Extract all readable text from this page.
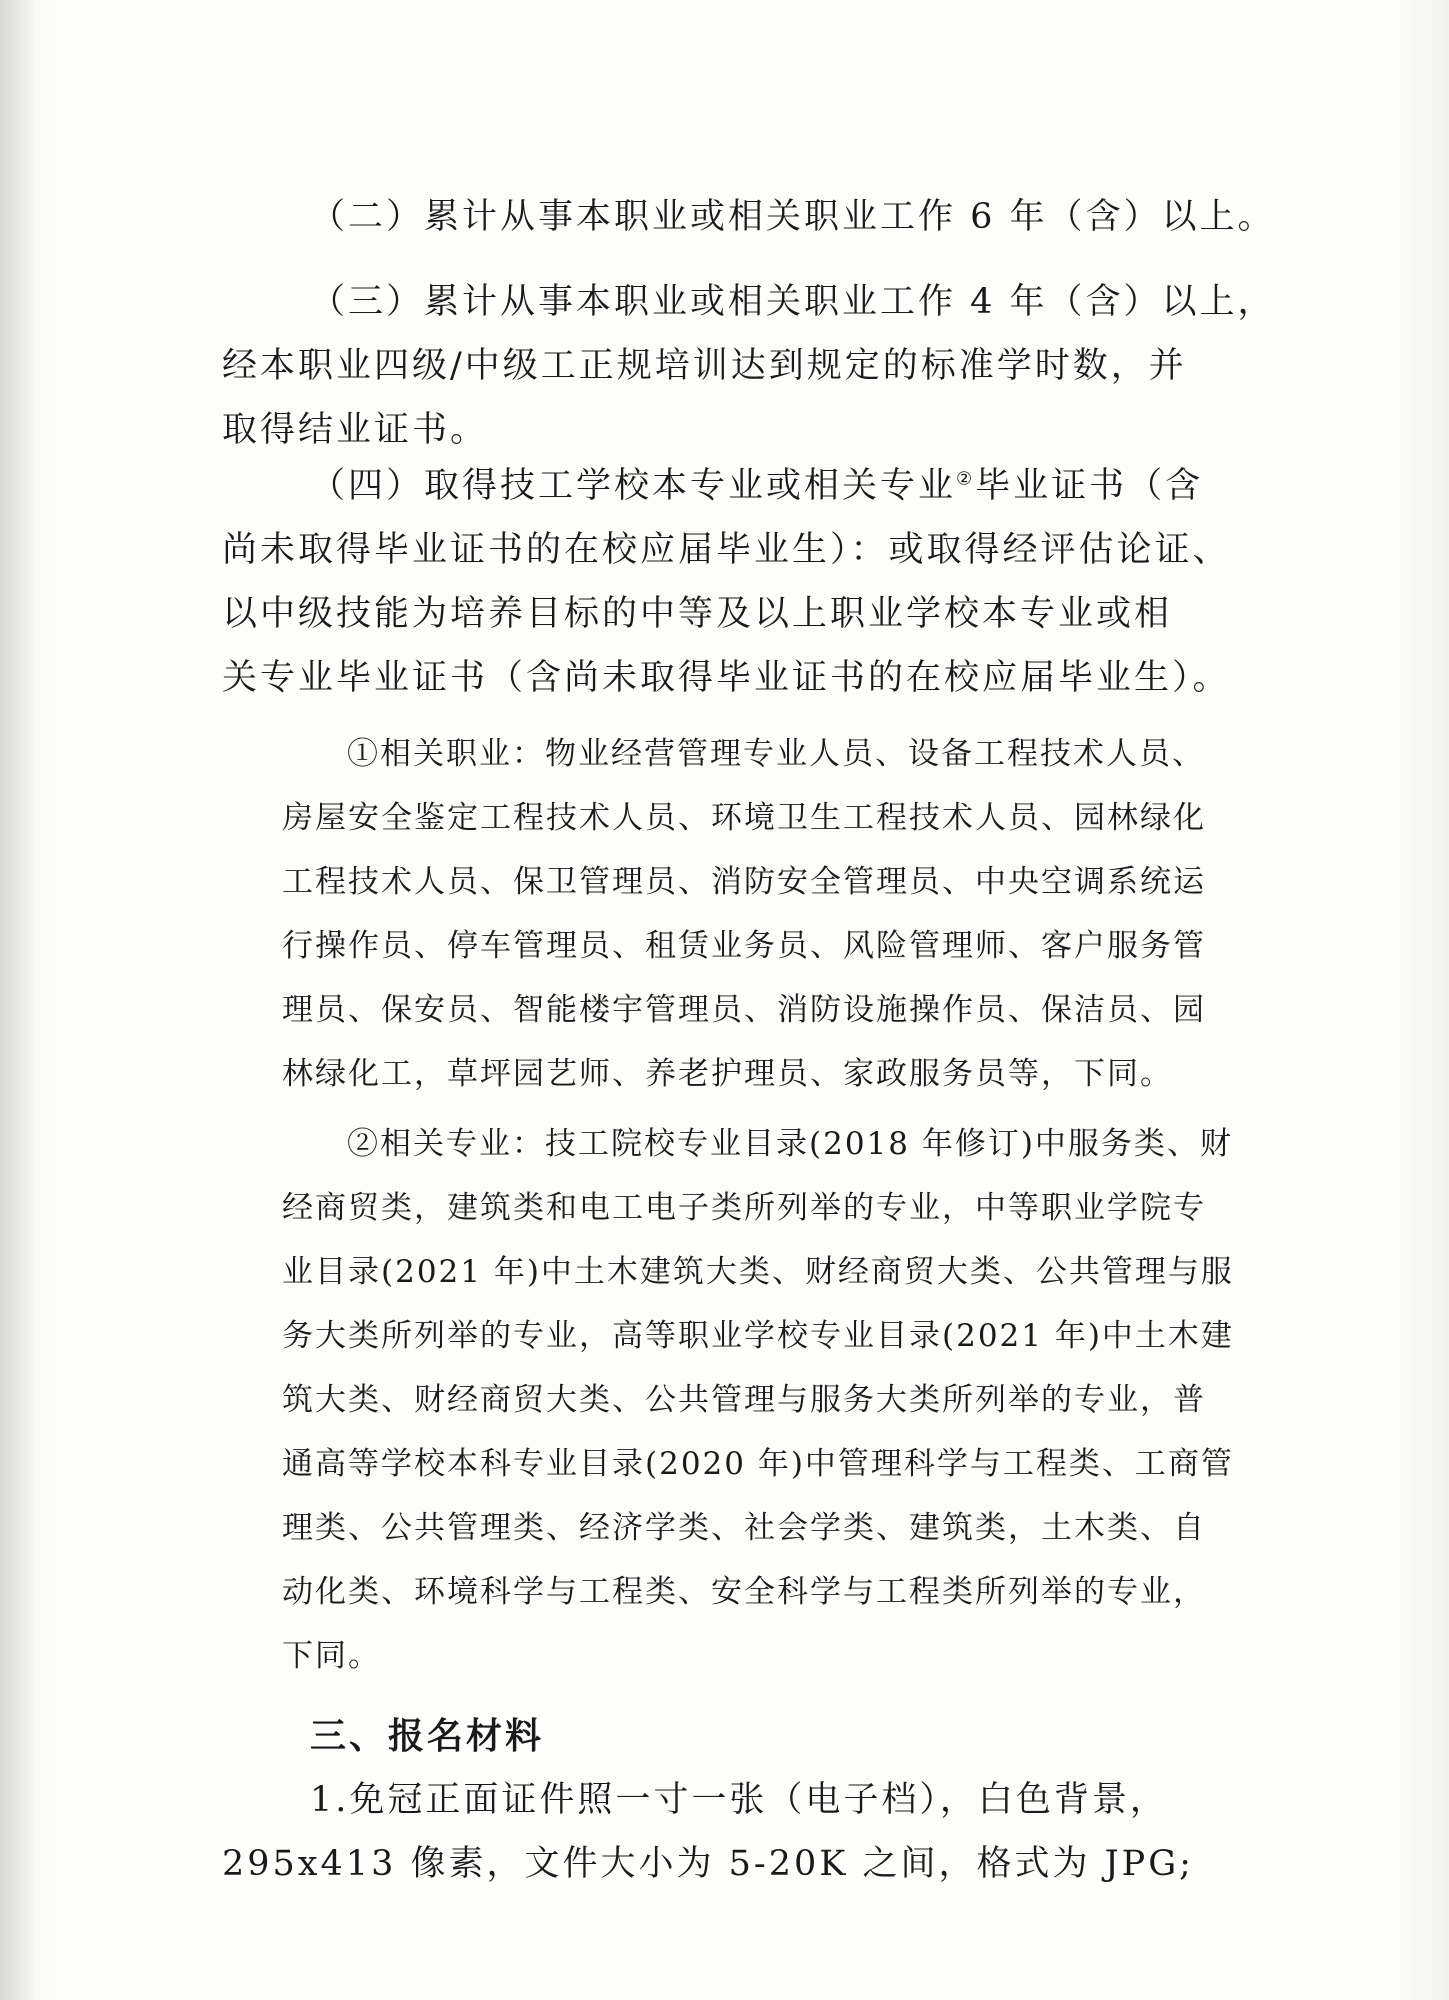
（二）累计从事本职业或相关职业工作 6 年（含）以上。

（三）累计从事本职业或相关职业工作 4 年（含）以上，
经本职业四级/中级工正规培训达到规定的标准学时数，并
取得结业证书。

（四）取得技工学校本专业或相关专业②毕业证书（含
尚未取得毕业证书的在校应届毕业生）：或取得经评估论证、
以中级技能为培养目标的中等及以上职业学校本专业或相
关专业毕业证书（含尚未取得毕业证书的在校应届毕业生）。

①相关职业：物业经营管理专业人员、设备工程技术人员、
房屋安全鉴定工程技术人员、环境卫生工程技术人员、园林绿化
工程技术人员、保卫管理员、消防安全管理员、中央空调系统运
行操作员、停车管理员、租赁业务员、风险管理师、客户服务管
理员、保安员、智能楼宇管理员、消防设施操作员、保洁员、园
林绿化工，草坪园艺师、养老护理员、家政服务员等，下同。

②相关专业：技工院校专业目录(2018 年修订)中服务类、财
经商贸类，建筑类和电工电子类所列举的专业，中等职业学院专
业目录(2021 年)中土木建筑大类、财经商贸大类、公共管理与服
务大类所列举的专业，高等职业学校专业目录(2021 年)中土木建
筑大类、财经商贸大类、公共管理与服务大类所列举的专业，普
通高等学校本科专业目录(2020 年)中管理科学与工程类、工商管
理类、公共管理类、经济学类、社会学类、建筑类，土木类、自
动化类、环境科学与工程类、安全科学与工程类所列举的专业，
下同。

三、报名材料

1.免冠正面证件照一寸一张（电子档），白色背景，
295x413 像素，文件大小为 5-20K 之间，格式为 JPG;
